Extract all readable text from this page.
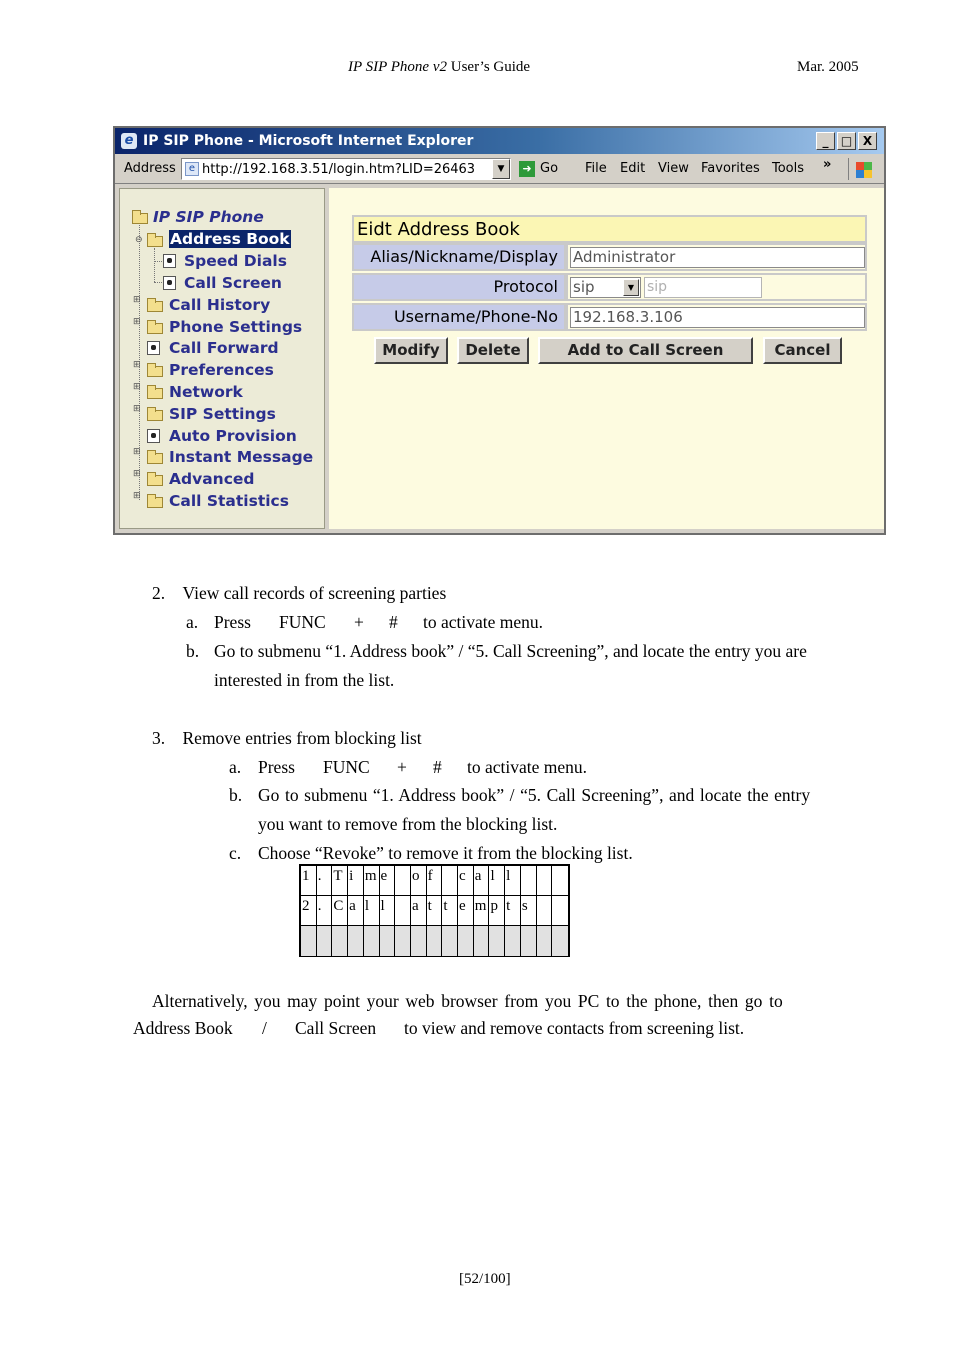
IP SIP Phone v2 User’s Guide	Mar. 2005
e IP SIP Phone - Microsoft Internet Explorer	_	□ X
Address	e http://192.168.3.51/login.htm?LID=26463	▼	➜ Go File Edit View Favorites Tools »
IP SIP Phone
⊖ Address Book
Speed Dials
Call Screen
⊞ Call History
⊞ Phone Settings
Call Forward
⊞ Preferences
⊞ Network
⊞ SIP Settings
Auto Provision
⊞ Instant Message
⊞ Advanced
⊞ Call Statistics
Eidt Address Book
Alias/Nickname/Display	Administrator
Protocol	sip	▼ sip
Username/Phone-No	192.168.3.106
Modify	Delete	Add to Call Screen	Cancel
2. View call records of screening parties
a. Press FUNC + # to activate menu.
b. Go to submenu “1. Address book” / “5. Call Screening”, and locate the entry you are
interested in from the list.
3. Remove entries from blocking list
a. Press FUNC + # to activate menu.
b. Go to submenu “1. Address book” / “5. Call Screening”, and locate the entry
you want to remove from the blocking list.
c. Choose “Revoke” to remove it from the blocking list.
1 . T i m e	o f	c a l l
2 . C a l l	a t t e m p t s
Alternatively, you may point your web browser from you PC to the phone, then go to
Address Book / Call Screen to view and remove contacts from screening list.
[52/100]
